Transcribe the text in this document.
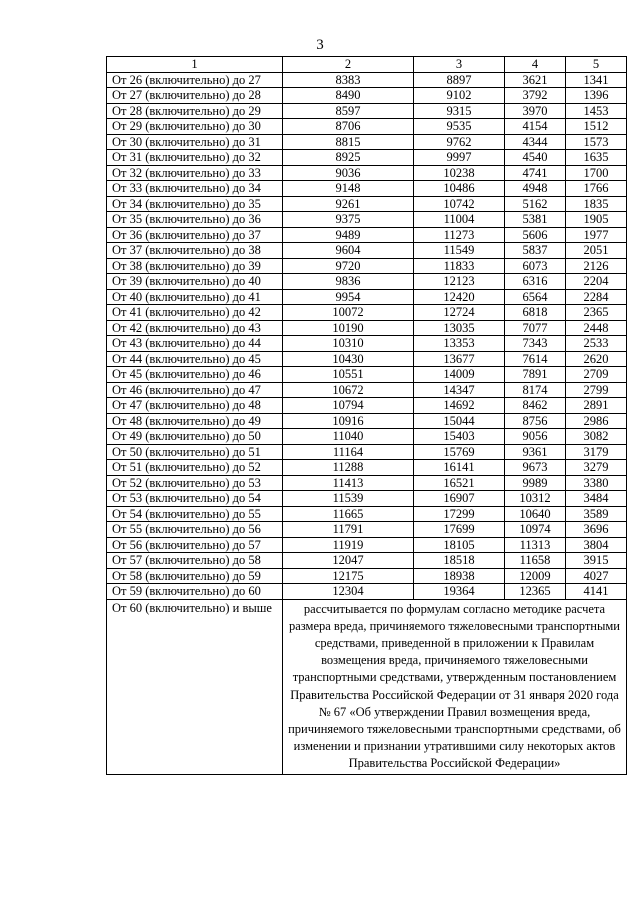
3
1	2	3	4	5
От 26 (включительно) до 27	8383	8897	3621	1341
От 27 (включительно) до 28	8490	9102	3792	1396
От 28 (включительно) до 29	8597	9315	3970	1453
От 29 (включительно) до 30	8706	9535	4154	1512
От 30 (включительно) до 31	8815	9762	4344	1573
От 31 (включительно) до 32	8925	9997	4540	1635
От 32 (включительно) до 33	9036	10238	4741	1700
От 33 (включительно) до 34	9148	10486	4948	1766
От 34 (включительно) до 35	9261	10742	5162	1835
От 35 (включительно) до 36	9375	11004	5381	1905
От 36 (включительно) до 37	9489	11273	5606	1977
От 37 (включительно) до 38	9604	11549	5837	2051
От 38 (включительно) до 39	9720	11833	6073	2126
От 39 (включительно) до 40	9836	12123	6316	2204
От 40 (включительно) до 41	9954	12420	6564	2284
От 41 (включительно) до 42	10072	12724	6818	2365
От 42 (включительно) до 43	10190	13035	7077	2448
От 43 (включительно) до 44	10310	13353	7343	2533
От 44 (включительно) до 45	10430	13677	7614	2620
От 45 (включительно) до 46	10551	14009	7891	2709
От 46 (включительно) до 47	10672	14347	8174	2799
От 47 (включительно) до 48	10794	14692	8462	2891
От 48 (включительно) до 49	10916	15044	8756	2986
От 49 (включительно) до 50	11040	15403	9056	3082
От 50 (включительно) до 51	11164	15769	9361	3179
От 51 (включительно) до 52	11288	16141	9673	3279
От 52 (включительно) до 53	11413	16521	9989	3380
От 53 (включительно) до 54	11539	16907	10312	3484
От 54 (включительно) до 55	11665	17299	10640	3589
От 55 (включительно) до 56	11791	17699	10974	3696
От 56 (включительно) до 57	11919	18105	11313	3804
От 57 (включительно) до 58	12047	18518	11658	3915
От 58 (включительно) до 59	12175	18938	12009	4027
От 59 (включительно) до 60	12304	19364	12365	4141
От 60 (включительно) и выше	рассчитывается по формулам согласно методике расчета размера вреда, причиняемого тяжеловесными транспортными средствами, приведенной в приложении к Правилам возмещения вреда, причиняемого тяжеловесными транспортными средствами, утвержденным постановлением Правительства Российской Федерации от 31 января 2020 года № 67 «Об утверждении Правил возмещения вреда, причиняемого тяжеловесными транспортными средствами, об изменении и признании утратившими силу некоторых актов Правительства Российской Федерации»			
